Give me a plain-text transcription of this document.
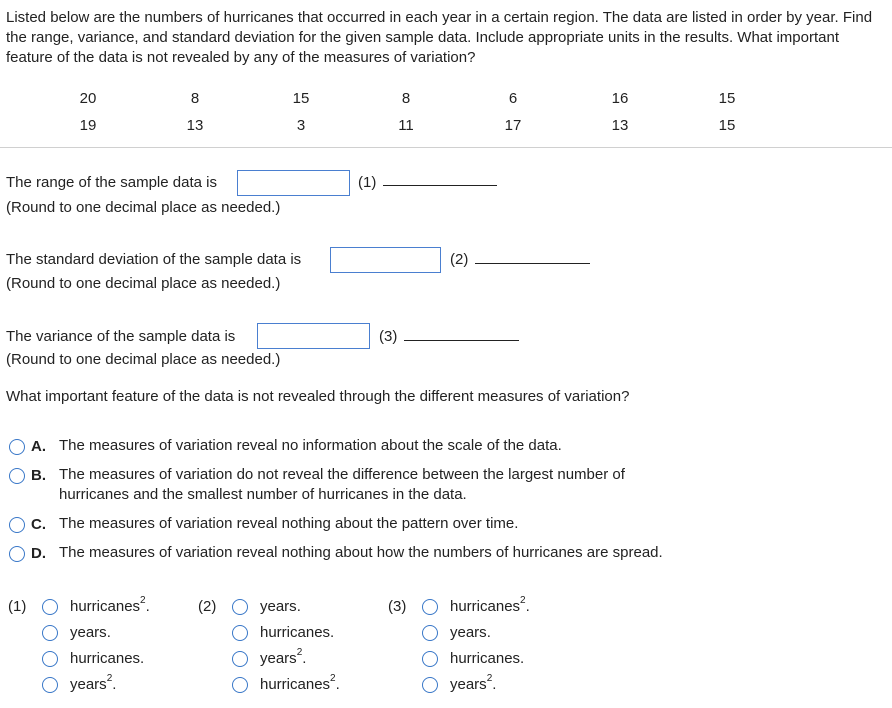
Listed below are the numbers of hurricanes that occurred in each year in a certain region. The data are listed in order by year. Find the range, variance, and standard deviation for the given sample data. Include appropriate units in the results. What important feature of the data is not revealed by any of the measures of variation?
20	8	15	8	6	16	15
19	13	3	11	17	13	15
The range of the sample data is	(1)
(Round to one decimal place as needed.)
The standard deviation of the sample data is	(2)
(Round to one decimal place as needed.)
The variance of the sample data is	(3)
(Round to one decimal place as needed.)
What important feature of the data is not revealed through the different measures of variation?
A. The measures of variation reveal no information about the scale of the data.
B. The measures of variation do not reveal the difference between the largest number of hurricanes and the smallest number of hurricanes in the data.
C. The measures of variation reveal nothing about the pattern over time.
D. The measures of variation reveal nothing about how the numbers of hurricanes are spread.
(1)	hurricanes$^2$.
years.
hurricanes.
years$^2$.
(2)	years.
hurricanes.
years$^2$.
hurricanes$^2$.
(3)	hurricanes$^2$.
years.
hurricanes.
years$^2$.
